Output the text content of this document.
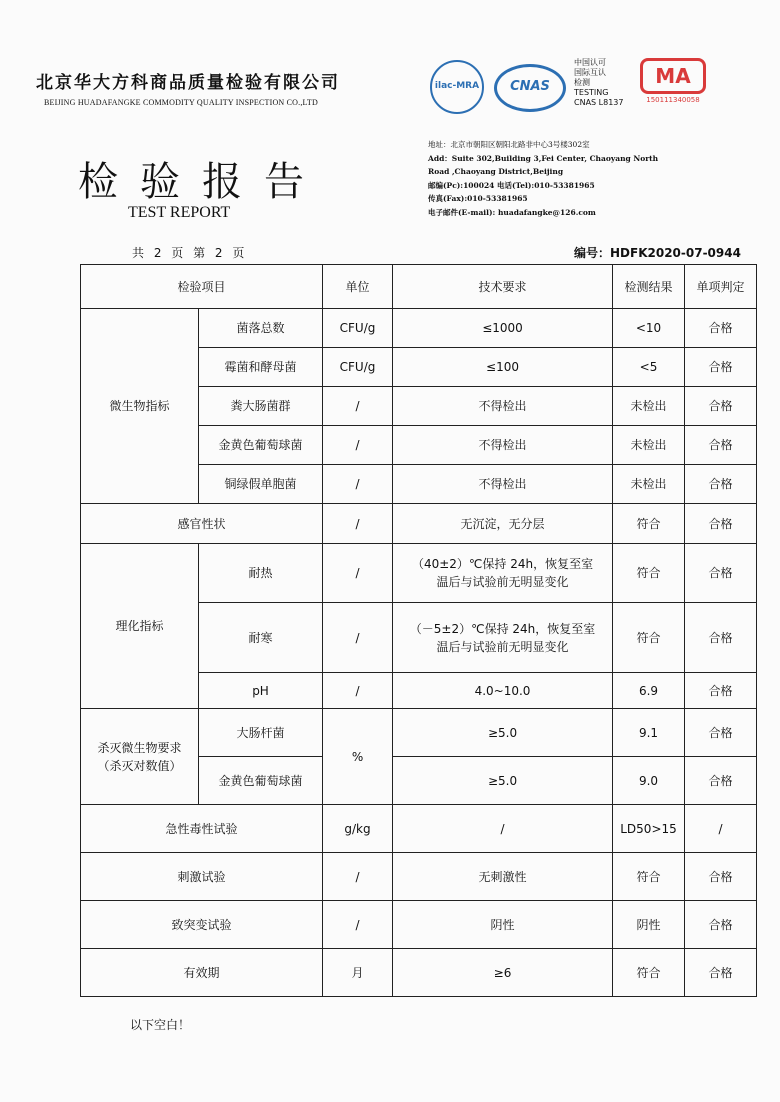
北京华大方科商品质量检验有限公司
BEIJING HUADAFANGKE COMMODITY QUALITY INSPECTION CO.,LTD
检验报告
TEST REPORT
ilac-MRA	CNAS
中国认可
国际互认
检测
TESTING
CNAS L8137
MA
150111340058
地址：北京市朝阳区朝阳北路非中心3号楼302室
Add：Suite 302,Building 3,Fei Center, Chaoyang North
Road ,Chaoyang District,Beijing
邮编(Pc):100024 电话(Tel):010-53381965
传真(Fax):010-53381965
电子邮件(E-mail): huadafangke@126.com
共 2 页 第 2 页	编号：HDFK2020-07-0944
检验项目		单位	技术要求	检测结果	单项判定
微生物指标	菌落总数	CFU/g	≤1000	<10	合格
	霉菌和酵母菌	CFU/g	≤100	<5	合格
	粪大肠菌群	/	不得检出	未检出	合格
	金黄色葡萄球菌	/	不得检出	未检出	合格
	铜绿假单胞菌	/	不得检出	未检出	合格
感官性状		/	无沉淀，无分层	符合	合格
理化指标	耐热	/	（40±2）℃保持 24h，恢复至室温后与试验前无明显变化	符合	合格
	耐寒	/	（－5±2）℃保持 24h，恢复至室温后与试验前无明显变化	符合	合格
	pH	/	4.0~10.0	6.9	合格

杀灭微生物要求
（杀灭对数值）	大肠杆菌	%	≥5.0	9.1	合格
	金黄色葡萄球菌		≥5.0	9.0	合格
急性毒性试验		g/kg	/	LD50>15	/
刺激试验		/	无刺激性	符合	合格
致突变试验		/	阴性	阴性	合格
有效期		月	≥6	符合	合格
以下空白！
